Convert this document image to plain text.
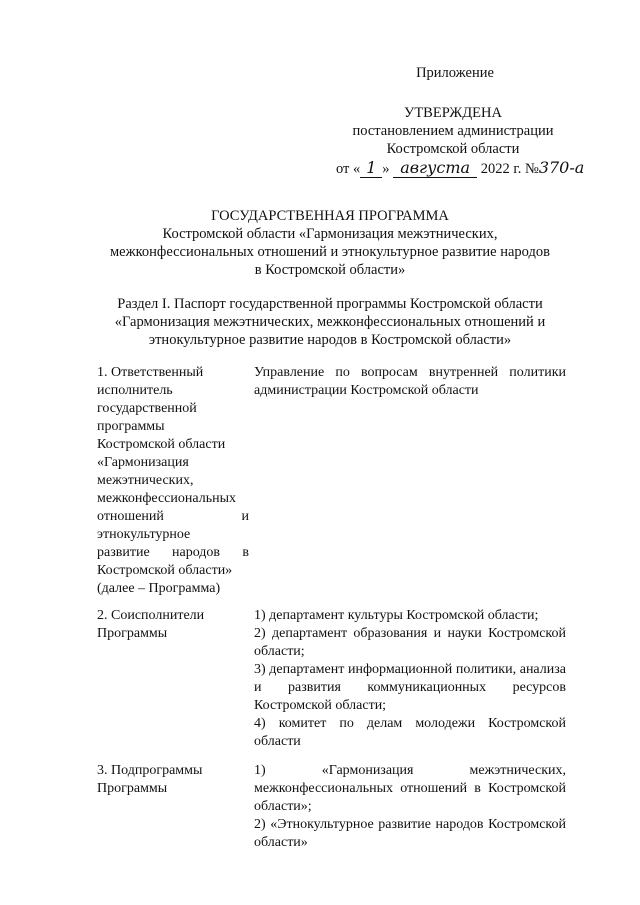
Приложение
УТВЕРЖДЕНА
постановлением администрации
Костромской области
от « 1 » августа 2022 г. №370-а
ГОСУДАРСТВЕННАЯ ПРОГРАММА
Костромской области «Гармонизация межэтнических,
межконфессиональных отношений и этнокультурное развитие народов
в Костромской области»
Раздел I. Паспорт государственной программы Костромской области
«Гармонизация межэтнических, межконфессиональных отношений и
этнокультурное развитие народов в Костромской области»
1. Ответственный
исполнитель
государственной
программы
Костромской области
«Гармонизация
межэтнических,
межконфессиональных
отношений и
этнокультурное
развитие народов в
Костромской области»
(далее – Программа)

Управление по вопросам внутренней политики администрации Костромской области

2. Соисполнители
Программы

1) департамент культуры Костромской области;

2) департамент образования и науки Костромской области;

3) департамент информационной политики, анализа и развития коммуникационных ресурсов Костромской области;

4) комитет по делам молодежи Костромской области

3. Подпрограммы
Программы

1) «Гармонизация межэтнических, межконфессиональных отношений в Костромской области»;

2) «Этнокультурное развитие народов Костромской области»
